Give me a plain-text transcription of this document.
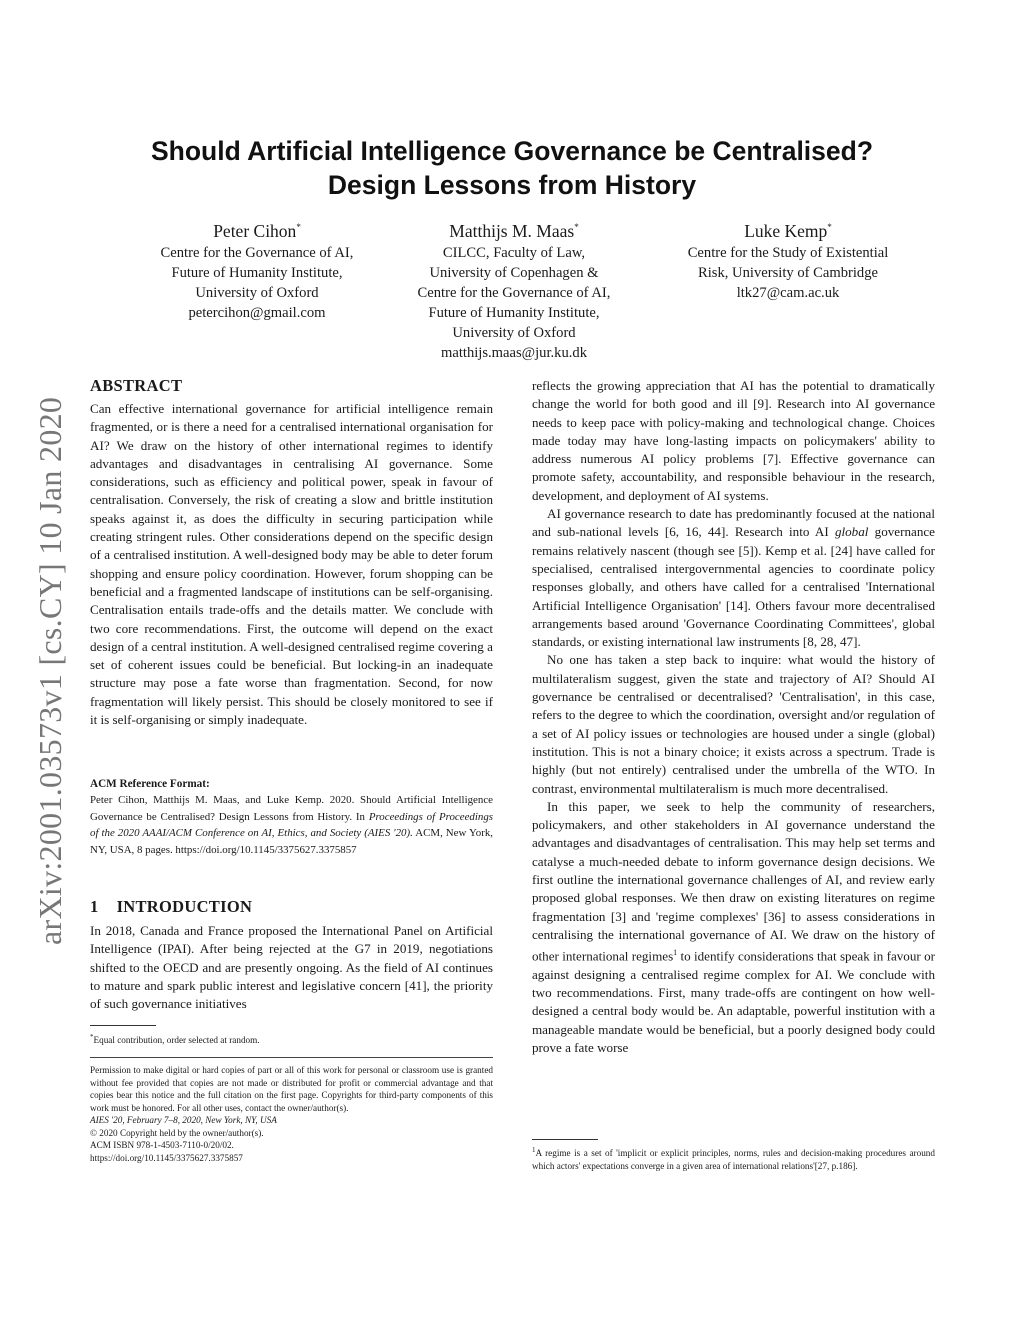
arXiv:2001.03573v1 [cs.CY] 10 Jan 2020
Should Artificial Intelligence Governance be Centralised?
Design Lessons from History
Peter Cihon*
Centre for the Governance of AI,
Future of Humanity Institute,
University of Oxford
petercihon@gmail.com
Matthijs M. Maas*
CILCC, Faculty of Law,
University of Copenhagen &
Centre for the Governance of AI,
Future of Humanity Institute,
University of Oxford
matthijs.maas@jur.ku.dk
Luke Kemp*
Centre for the Study of Existential
Risk, University of Cambridge
ltk27@cam.ac.uk
ABSTRACT

Can effective international governance for artificial intelligence remain fragmented, or is there a need for a centralised international organisation for AI? We draw on the history of other international regimes to identify advantages and disadvantages in centralising AI governance. Some considerations, such as efficiency and political power, speak in favour of centralisation. Conversely, the risk of creating a slow and brittle institution speaks against it, as does the difficulty in securing participation while creating stringent rules. Other considerations depend on the specific design of a centralised institution. A well-designed body may be able to deter forum shopping and ensure policy coordination. However, forum shopping can be beneficial and a fragmented landscape of institutions can be self-organising. Centralisation entails trade-offs and the details matter. We conclude with two core recommendations. First, the outcome will depend on the exact design of a central institution. A well-designed centralised regime covering a set of coherent issues could be beneficial. But locking-in an inadequate structure may pose a fate worse than fragmentation. Second, for now fragmentation will likely persist. This should be closely monitored to see if it is self-organising or simply inadequate.

ACM Reference Format:
Peter Cihon, Matthijs M. Maas, and Luke Kemp. 2020. Should Artificial Intelligence Governance be Centralised? Design Lessons from History. In Proceedings of Proceedings of the 2020 AAAI/ACM Conference on AI, Ethics, and Society (AIES '20). ACM, New York, NY, USA, 8 pages. https://doi.org/10.1145/3375627.3375857
1 INTRODUCTION

In 2018, Canada and France proposed the International Panel on Artificial Intelligence (IPAI). After being rejected at the G7 in 2019, negotiations shifted to the OECD and are presently ongoing. As the field of AI continues to mature and spark public interest and legislative concern [41], the priority of such governance initiatives

*Equal contribution, order selected at random.
Permission to make digital or hard copies of part or all of this work for personal or classroom use is granted without fee provided that copies are not made or distributed for profit or commercial advantage and that copies bear this notice and the full citation on the first page. Copyrights for third-party components of this work must be honored. For all other uses, contact the owner/author(s).
AIES '20, February 7–8, 2020, New York, NY, USA
© 2020 Copyright held by the owner/author(s).
ACM ISBN 978-1-4503-7110-0/20/02.
https://doi.org/10.1145/3375627.3375857

reflects the growing appreciation that AI has the potential to dramatically change the world for both good and ill [9]. Research into AI governance needs to keep pace with policy-making and technological change. Choices made today may have long-lasting impacts on policymakers' ability to address numerous AI policy problems [7]. Effective governance can promote safety, accountability, and responsible behaviour in the research, development, and deployment of AI systems.

AI governance research to date has predominantly focused at the national and sub-national levels [6, 16, 44]. Research into AI global governance remains relatively nascent (though see [5]). Kemp et al. [24] have called for specialised, centralised intergovernmental agencies to coordinate policy responses globally, and others have called for a centralised 'International Artificial Intelligence Organisation' [14]. Others favour more decentralised arrangements based around 'Governance Coordinating Committees', global standards, or existing international law instruments [8, 28, 47].

No one has taken a step back to inquire: what would the history of multilateralism suggest, given the state and trajectory of AI? Should AI governance be centralised or decentralised? 'Centralisation', in this case, refers to the degree to which the coordination, oversight and/or regulation of a set of AI policy issues or technologies are housed under a single (global) institution. This is not a binary choice; it exists across a spectrum. Trade is highly (but not entirely) centralised under the umbrella of the WTO. In contrast, environmental multilateralism is much more decentralised.

In this paper, we seek to help the community of researchers, policymakers, and other stakeholders in AI governance understand the advantages and disadvantages of centralisation. This may help set terms and catalyse a much-needed debate to inform governance design decisions. We first outline the international governance challenges of AI, and review early proposed global responses. We then draw on existing literatures on regime fragmentation [3] and 'regime complexes' [36] to assess considerations in centralising the international governance of AI. We draw on the history of other international regimes$^1$ to identify considerations that speak in favour or against designing a centralised regime complex for AI. We conclude with two recommendations. First, many trade-offs are contingent on how well-designed a central body would be. An adaptable, powerful institution with a manageable mandate would be beneficial, but a poorly designed body could prove a fate worse

$^1$A regime is a set of 'implicit or explicit principles, norms, rules and decision-making procedures around which actors' expectations converge in a given area of international relations'[27, p.186].
